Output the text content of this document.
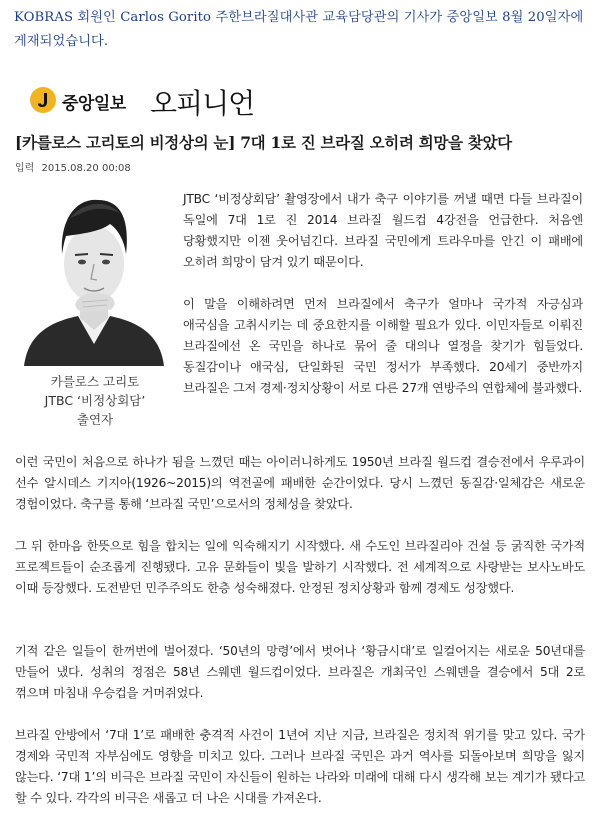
KOBRAS 회원인 Carlos Gorito 주한브라질대사관 교육담당관의 기사가 중앙일보 8월 20일자에 게재되었습니다.
중앙일보 오피니언
[카를로스 고리토의 비정상의 눈] 7대 1로 진 브라질 오히려 희망을 찾았다
입력 2015.08.20 00:08
카를로스 고리토
JTBC ‘비정상회담’
출연자

JTBC ‘비정상회담’ 촬영장에서 내가 축구 이야기를 꺼낼 때면 다들 브라질이 독일에 7대 1로 진 2014 브라질 월드컵 4강전을 언급한다. 처음엔 당황했지만 이젠 웃어넘긴다. 브라질 국민에게 트라우마를 안긴 이 패배에 오히려 희망이 담겨 있기 때문이다.

이 말을 이해하려면 먼저 브라질에서 축구가 얼마나 국가적 자긍심과 애국심을 고취시키는 데 중요한지를 이해할 필요가 있다. 이민자들로 이뤄진 브라질에선 온 국민을 하나로 묶어 줄 대의나 열정을 찾기가 힘들었다. 동질감이나 애국심, 단일화된 국민 정서가 부족했다. 20세기 중반까지 브라질은 그저 경제·정치상황이 서로 다른 27개 연방주의 연합체에 불과했다.

이런 국민이 처음으로 하나가 됨을 느꼈던 때는 아이러니하게도 1950년 브라질 월드컵 결승전에서 우루과이 선수 알시데스 기지아(1926~2015)의 역전골에 패배한 순간이었다. 당시 느꼈던 동질감·일체감은 새로운 경험이었다. 축구를 통해 ‘브라질 국민’으로서의 정체성을 찾았다.

그 뒤 한마음 한뜻으로 힘을 합치는 일에 익숙해지기 시작했다. 새 수도인 브라질리아 건설 등 굵직한 국가적 프로젝트들이 순조롭게 진행됐다. 고유 문화들이 빛을 발하기 시작했다. 전 세계적으로 사랑받는 보사노바도 이때 등장했다. 도전받던 민주주의도 한층 성숙해졌다. 안정된 정치상황과 함께 경제도 성장했다.

기적 같은 일들이 한꺼번에 벌어졌다. ‘50년의 망령’에서 벗어나 ‘황금시대’로 일컬어지는 새로운 50년대를 만들어 냈다. 성취의 정점은 58년 스웨덴 월드컵이었다. 브라질은 개최국인 스웨덴을 결승에서 5대 2로 꺾으며 마침내 우승컵을 거머쥐었다.

브라질 안방에서 ‘7대 1’로 패배한 충격적 사건이 1년여 지난 지금, 브라질은 정치적 위기를 맞고 있다. 국가 경제와 국민적 자부심에도 영향을 미치고 있다. 그러나 브라질 국민은 과거 역사를 되돌아보며 희망을 잃지 않는다. ‘7대 1’의 비극은 브라질 국민이 자신들이 원하는 나라와 미래에 대해 다시 생각해 보는 계기가 됐다고 할 수 있다. 각각의 비극은 새롭고 더 나은 시대를 가져온다.
